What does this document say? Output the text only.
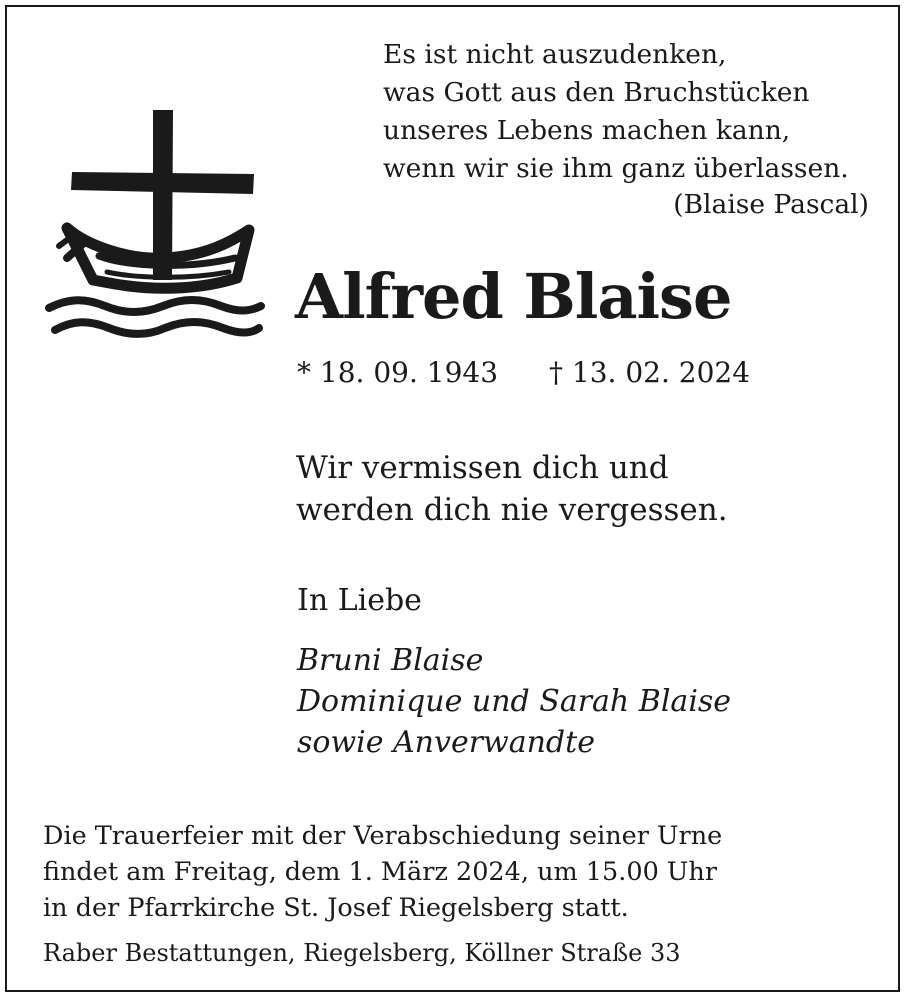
Es ist nicht auszudenken,
was Gott aus den Bruchstücken
unseres Lebens machen kann,
wenn wir sie ihm ganz überlassen.
(Blaise Pascal)
Alfred Blaise
* 18. 09. 1943 † 13. 02. 2024
Wir vermissen dich und
werden dich nie vergessen.
In Liebe
Bruni Blaise
Dominique und Sarah Blaise
sowie Anverwandte
Die Trauerfeier mit der Verabschiedung seiner Urne
findet am Freitag, dem 1. März 2024, um 15.00 Uhr
in der Pfarrkirche St. Josef Riegelsberg statt.
Raber Bestattungen, Riegelsberg, Köllner Straße 33
